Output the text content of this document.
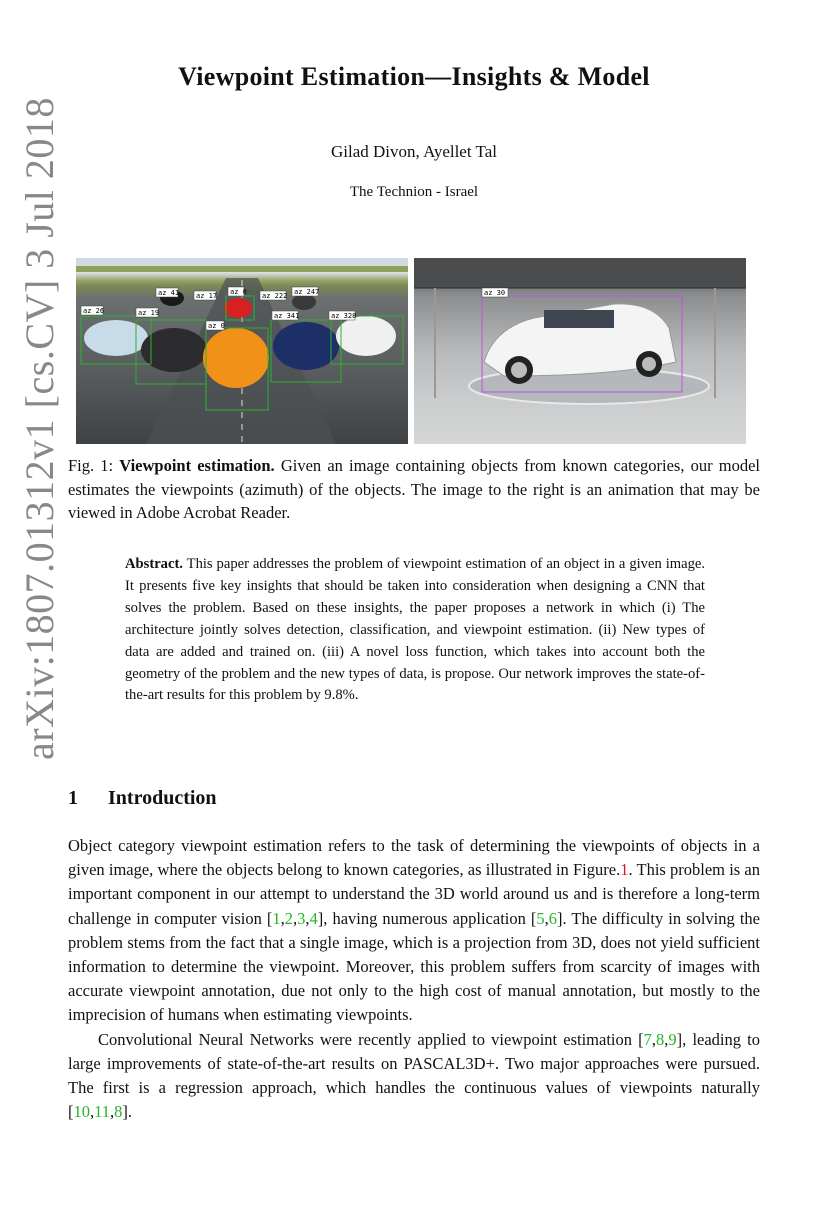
arXiv:1807.01312v1 [cs.CV] 3 Jul 2018
Viewpoint Estimation—Insights & Model
Gilad Divon, Ayellet Tal
The Technion - Israel
az 26
az 41
az 19
az 17 az 0
az 0
az 222 az 247
az 341	az 328
az 30
Fig. 1: Viewpoint estimation. Given an image containing objects from known categories, our model estimates the viewpoints (azimuth) of the objects. The image to the right is an animation that may be viewed in Adobe Acrobat Reader.
Abstract. This paper addresses the problem of viewpoint estimation of an object in a given image. It presents five key insights that should be taken into consideration when designing a CNN that solves the problem. Based on these insights, the paper proposes a network in which (i) The architecture jointly solves detection, classification, and viewpoint estimation. (ii) New types of data are added and trained on. (iii) A novel loss function, which takes into account both the geometry of the problem and the new types of data, is propose. Our network improves the state-of-the-art results for this problem by 9.8%.
1 Introduction

Object category viewpoint estimation refers to the task of determining the viewpoints of objects in a given image, where the objects belong to known categories, as illustrated in Figure.1. This problem is an important component in our attempt to understand the 3D world around us and is therefore a long-term challenge in computer vision [1,2,3,4], having numerous application [5,6]. The difficulty in solving the problem stems from the fact that a single image, which is a projection from 3D, does not yield sufficient information to determine the viewpoint. Moreover, this problem suffers from scarcity of images with accurate viewpoint annotation, due not only to the high cost of manual annotation, but mostly to the imprecision of humans when estimating viewpoints.

Convolutional Neural Networks were recently applied to viewpoint estimation [7,8,9], leading to large improvements of state-of-the-art results on PASCAL3D+. Two major approaches were pursued. The first is a regression approach, which handles the continuous values of viewpoints naturally [10,11,8].
